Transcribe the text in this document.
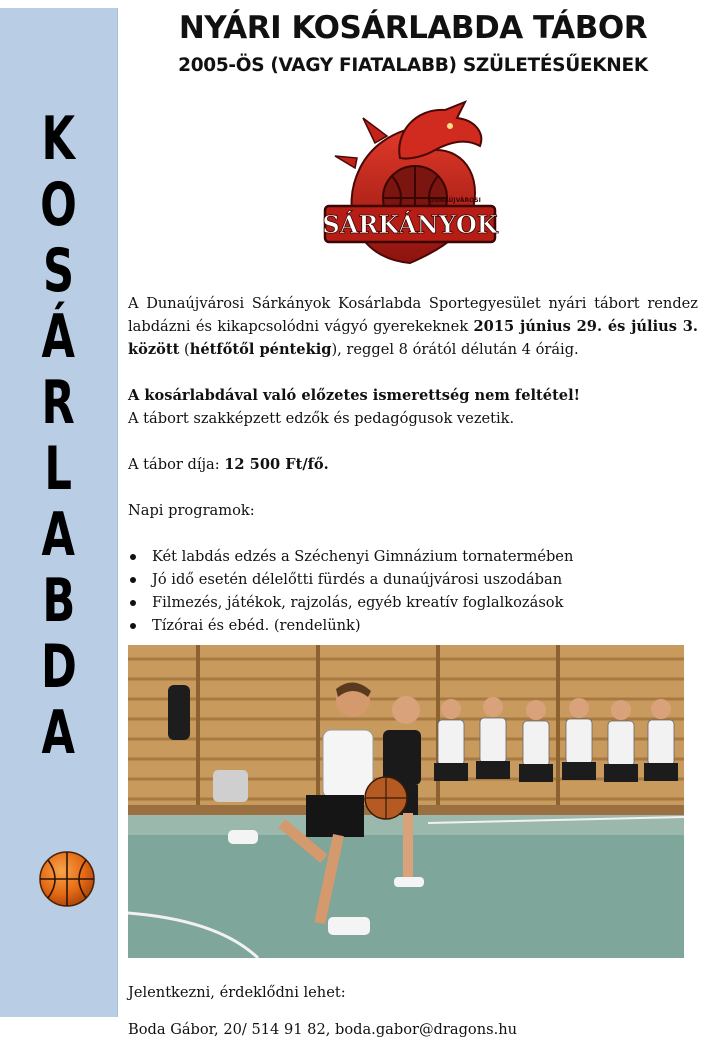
K
O
S
Á
R
L
A
B
D
A
NYÁRI KOSÁRLABDA TÁBOR
2005-ÖS (VAGY FIATALABB) SZÜLETÉSŰEKNEK
DUNAÚJVÁROSI
SÁRKÁNYOK

A Dunaújvárosi Sárkányok Kosárlabda Sportegyesület nyári tábort rendez labdázni és kikapcsolódni vágyó gyerekeknek 2015 június 29. és július 3. között (hétfőtől péntekig), reggel 8 órától délután 4 óráig.

A kosárlabdával való előzetes ismerettség nem feltétel!

A tábort szakképzett edzők és pedagógusok vezetik.

A tábor díja: 12 500 Ft/fő.

Napi programok:

Két labdás edzés a Széchenyi Gimnázium tornatermében
Jó idő esetén délelőtti fürdés a dunaújvárosi uszodában
Filmezés, játékok, rajzolás, egyéb kreatív foglalkozások
Tízórai és ebéd. (rendelünk)

Jelentkezni, érdeklődni lehet:

Boda Gábor, 20/ 514 91 82, boda.gabor@dragons.hu
